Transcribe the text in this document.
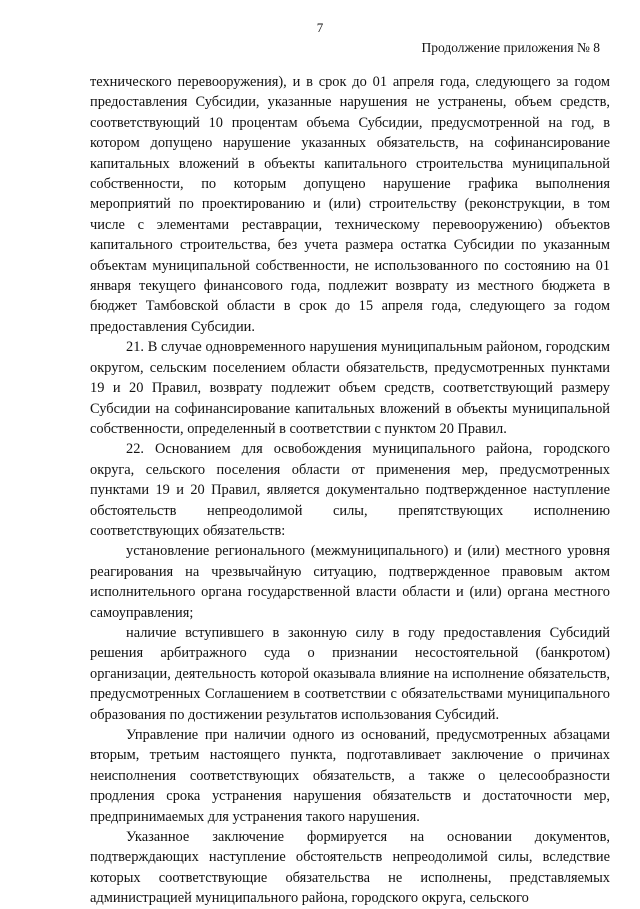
7
Продолжение приложения № 8

технического перевооружения), и в срок до 01 апреля года, следующего за годом предоставления Субсидии, указанные нарушения не устранены, объем средств, соответствующий 10 процентам объема Субсидии, предусмотренной на год, в котором допущено нарушение указанных обязательств, на софинансирование капитальных вложений в объекты капитального строительства муниципальной собственности, по которым допущено нарушение графика выполнения мероприятий по проектированию и (или) строительству (реконструкции, в том числе с элементами реставрации, техническому перевооружению) объектов капитального строительства, без учета размера остатка Субсидии по указанным объектам муниципальной собственности, не использованного по состоянию на 01 января текущего финансового года, подлежит возврату из местного бюджета в бюджет Тамбовской области в срок до 15 апреля года, следующего за годом предоставления Субсидии.

21. В случае одновременного нарушения муниципальным районом, городским округом, сельским поселением области обязательств, предусмотренных пунктами 19 и 20 Правил, возврату подлежит объем средств, соответствующий размеру Субсидии на софинансирование капитальных вложений в объекты муниципальной собственности, определенный в соответствии с пунктом 20 Правил.

22. Основанием для освобождения муниципального района, городского округа, сельского поселения области от применения мер, предусмотренных пунктами 19 и 20 Правил, является документально подтвержденное наступление обстоятельств непреодолимой силы, препятствующих исполнению соответствующих обязательств:

установление регионального (межмуниципального) и (или) местного уровня реагирования на чрезвычайную ситуацию, подтвержденное правовым актом исполнительного органа государственной власти области и (или) органа местного самоуправления;

наличие вступившего в законную силу в году предоставления Субсидий решения арбитражного суда о признании несостоятельной (банкротом) организации, деятельность которой оказывала влияние на исполнение обязательств, предусмотренных Соглашением в соответствии с обязательствами муниципального образования по достижении результатов использования Субсидий.

Управление при наличии одного из оснований, предусмотренных абзацами вторым, третьим настоящего пункта, подготавливает заключение о причинах неисполнения соответствующих обязательств, а также о целесообразности продления срока устранения нарушения обязательств и достаточности мер, предпринимаемых для устранения такого нарушения.

Указанное заключение формируется на основании документов, подтверждающих наступление обстоятельств непреодолимой силы, вследствие которых соответствующие обязательства не исполнены, представляемых администрацией муниципального района, городского округа, сельского
